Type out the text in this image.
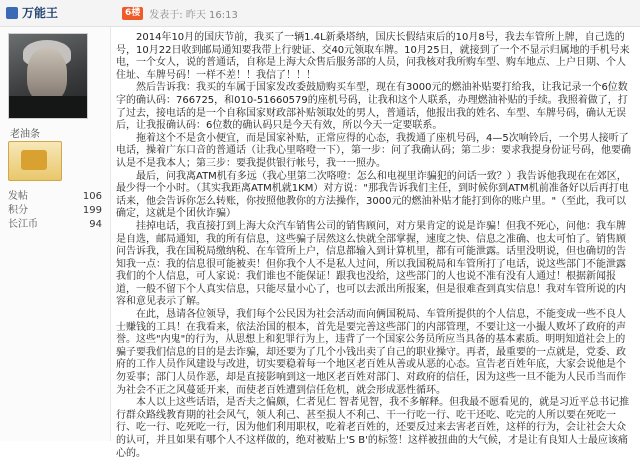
万能王	6楼 发表于: 昨天 16:13
老油条
发帖	106
积分	199
长江币	94

2014年10月的国庆节前，我买了一辆1.4L新桑塔纳，国庆长假结束后的10月8号，我去车管所上牌，自己选的号，10月22日收到邮局通知要我带上行驶证、交40元领取车牌。10月25日，就接到了一个不显示归属地的手机号来电，一个女人，说的普通话，自称是上海大众售后服务部的人员，问我核对我所购车型、购车地点、上户日期、个人住址、车牌号码！一样不差！！我信了！！！

然后告诉我：我买的车属于国家发改委鼓励购买车型，现在有3000元的燃油补贴要打给我，让我记录一个6位数字的确认码：766725，和010-51660579的座机号码，让我和这个人联系，办理燃油补贴的手续。我照着做了，打了过去，接电话的是一个自称国家财政部补贴领取处的男人，普通话，他报出我的姓名、车型、车牌号码，确认无误后，让我报确认码：6位数的确认码只是今天有效，所以今天一定要联系。

拖着这个不是贪小便宜，而是国家补贴，正常应得的心态，我拨通了座机号码，4—5次响铃后，一个男人接听了电话，操着广东口音的普通话（让我心里咯噔一下），第一步：问了我确认码；第二步：要求我提身份证号码，他要确认是不是我本人；第三步：要我提供银行帐号，我一一照办。

最后，问我离ATM机有多远（我心里第二次咯噔：怎么和电视里诈骗犯的问话一致？）我告诉他我现在在郊区，最少得一个小时。（其实我距离ATM机就1KM）对方说："那我告诉我们主任，到时候你到ATM机前准备好以后再打电话来，他会告诉你怎么转账，你按照他教你的方法操作，3000元的燃油补贴才能打到你的账户里。"（至此，我可以确定，这就是个团伙诈骗）

挂掉电话，我直接打到上海大众汽车销售公司的销售顾问，对方果肯定的说是诈骗！但我不死心，问他：我车牌是自选，邮局通知，我的所有信息，这些骗子居然这么快就全部掌握，速度之快、信息之准确、也太可怕了。销售顾问告诉我，我在国税局缴纳税、在车管所上户，信息都输入到计算机里，都有可能泄露。话里没明说，但也确切的告知我一点：我的信息很可能被卖！但你我个人不是私人过问，所以我国税局和车管所打了电话，说这些部门不能泄露我们的个人信息，可人家说：我们谁也不能保证！跟我也没给，这些部门的人也说不准有没有人通过！根据新闻报道，一般不留下个人真实信息，只能尽量小心了，也可以去派出所报案，但是很难查到真实信息！我对车管所说的内容和意见表示了解。

在此，恳请各位领导，我们每个公民因为社会活动而向俩国税局、车管所提供的个人信息，不能变成一些不良人士赚钱的工具！在我看来，依法治国的根本，首先是要完善这些部门的内部管理，不要让这一小撮人败坏了政府的声誉。这些"内鬼"的行为，从思想上和犯罪行为上，违背了一个国家公务员所应当具备的基本素质。明明知道社会上的骗子要我们信息的目的是去诈骗，却还要为了几个小钱出卖了自己的职业操守。再者，最重要的一点就是，党委、政府的工作人员作风建设与改进，切实要稳着每一个地区老百姓从善或从恶的心态。宣告老百姓年底，大家会说他是个勿妥事；部门人员作恶，却是直接影响到这一地区老百姓对部门、对政府的信任，因为这些一旦不能为人民币当而作为社会不正之风蔓延开来，而使老百姓遭到信任危机，就会形成恶性循环。

本人以上这些话语，是否夫之偏颇，仁者见仁 智者见智，我不多解释。但我最不愿看见的，就是习近平总书记推行群众路线教育期的社会风气，领人利己、甚至损人不利己、干一行吃一行、吃干还吃、吃完的人所以要在死吃一行、吃一行、吃死吃一行，因为他们利用职权，吃着老百姓的，还要反过来去害老百姓，这样的行为，会让社会大众的认可，并且如果有哪个人不这样做的，绝对被贴上'S B'的标签！这样被扭曲的大气候，才是让有良知人士最应该痛心的。
